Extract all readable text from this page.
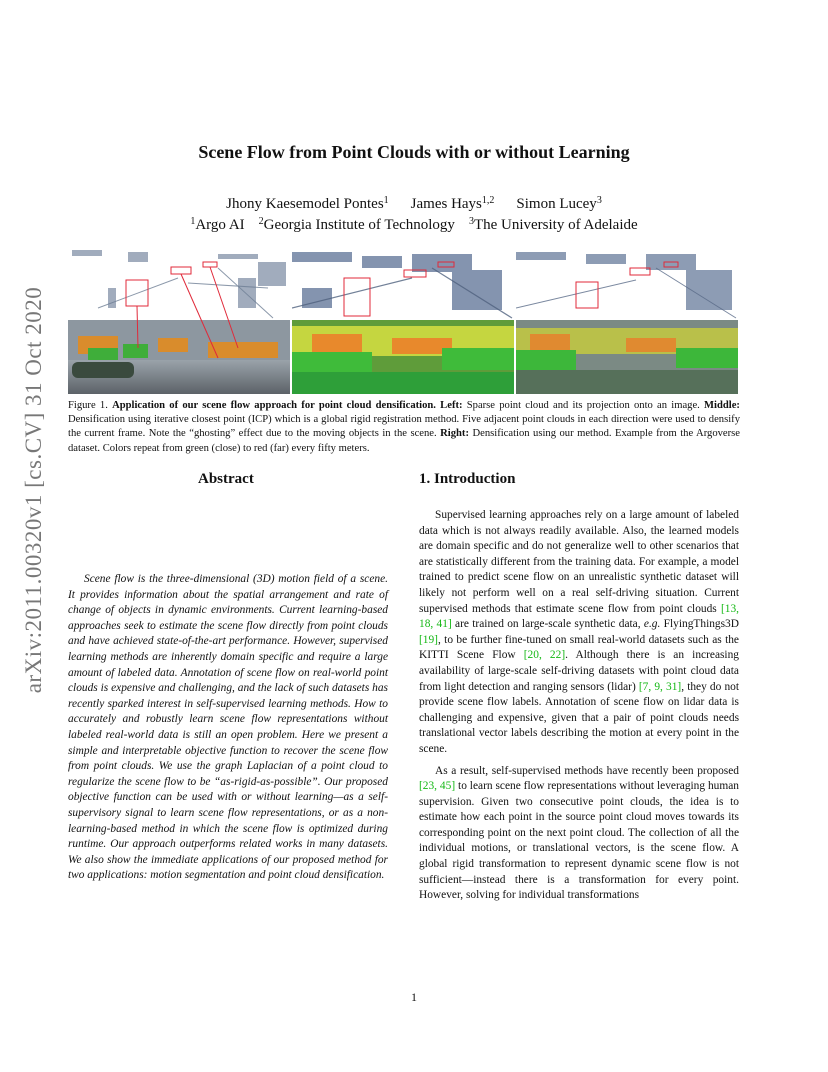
arXiv:2011.00320v1 [cs.CV] 31 Oct 2020
Scene Flow from Point Clouds with or without Learning
Jhony Kaesemodel Pontes$^1$ James Hays$^{1,2}$ Simon Lucey$^3$
$^1$Argo AI $^2$Georgia Institute of Technology $^3$The University of Adelaide
Figure 1. Application of our scene flow approach for point cloud densification. Left: Sparse point cloud and its projection onto an image. Middle: Densification using iterative closest point (ICP) which is a global rigid registration method. Five adjacent point clouds in each direction were used to densify the current frame. Note the “ghosting” effect due to the moving objects in the scene. Right: Densification using our method. Example from the Argoverse dataset. Colors repeat from green (close) to red (far) every fifty meters.
Abstract	1. Introduction
Scene flow is the three-dimensional (3D) motion field of a scene. It provides information about the spatial arrangement and rate of change of objects in dynamic environments. Current learning-based approaches seek to estimate the scene flow directly from point clouds and have achieved state-of-the-art performance. However, supervised learning methods are inherently domain specific and require a large amount of labeled data. Annotation of scene flow on real-world point clouds is expensive and challenging, and the lack of such datasets has recently sparked interest in self-supervised learning methods. How to accurately and robustly learn scene flow representations without labeled real-world data is still an open problem. Here we present a simple and interpretable objective function to recover the scene flow from point clouds. We use the graph Laplacian of a point cloud to regularize the scene flow to be “as-rigid-as-possible”. Our proposed objective function can be used with or without learning—as a self-supervisory signal to learn scene flow representations, or as a non-learning-based method in which the scene flow is optimized during runtime. Our approach outperforms related works in many datasets. We also show the immediate applications of our proposed method for two applications: motion segmentation and point cloud densification.

Supervised learning approaches rely on a large amount of labeled data which is not always readily available. Also, the learned models are domain specific and do not generalize well to other scenarios that are statistically different from the training data. For example, a model trained to predict scene flow on an unrealistic synthetic dataset will likely not perform well on a real self-driving situation. Current supervised methods that estimate scene flow from point clouds [13, 18, 41] are trained on large-scale synthetic data, e.g. FlyingThings3D [19], to be further fine-tuned on small real-world datasets such as the KITTI Scene Flow [20, 22]. Although there is an increasing availability of large-scale self-driving datasets with point cloud data from light detection and ranging sensors (lidar) [7, 9, 31], they do not provide scene flow labels. Annotation of scene flow on lidar data is challenging and expensive, given that a pair of point clouds needs translational vector labels describing the motion at every point in the scene.

As a result, self-supervised methods have recently been proposed [23, 45] to learn scene flow representations without leveraging human supervision. Given two consecutive point clouds, the idea is to estimate how each point in the source point cloud moves towards its corresponding point on the next point cloud. The collection of all the individual motions, or translational vectors, is the scene flow. A global rigid transformation to represent dynamic scene flow is not sufficient—instead there is a transformation for every point. However, solving for individual transformations

1
